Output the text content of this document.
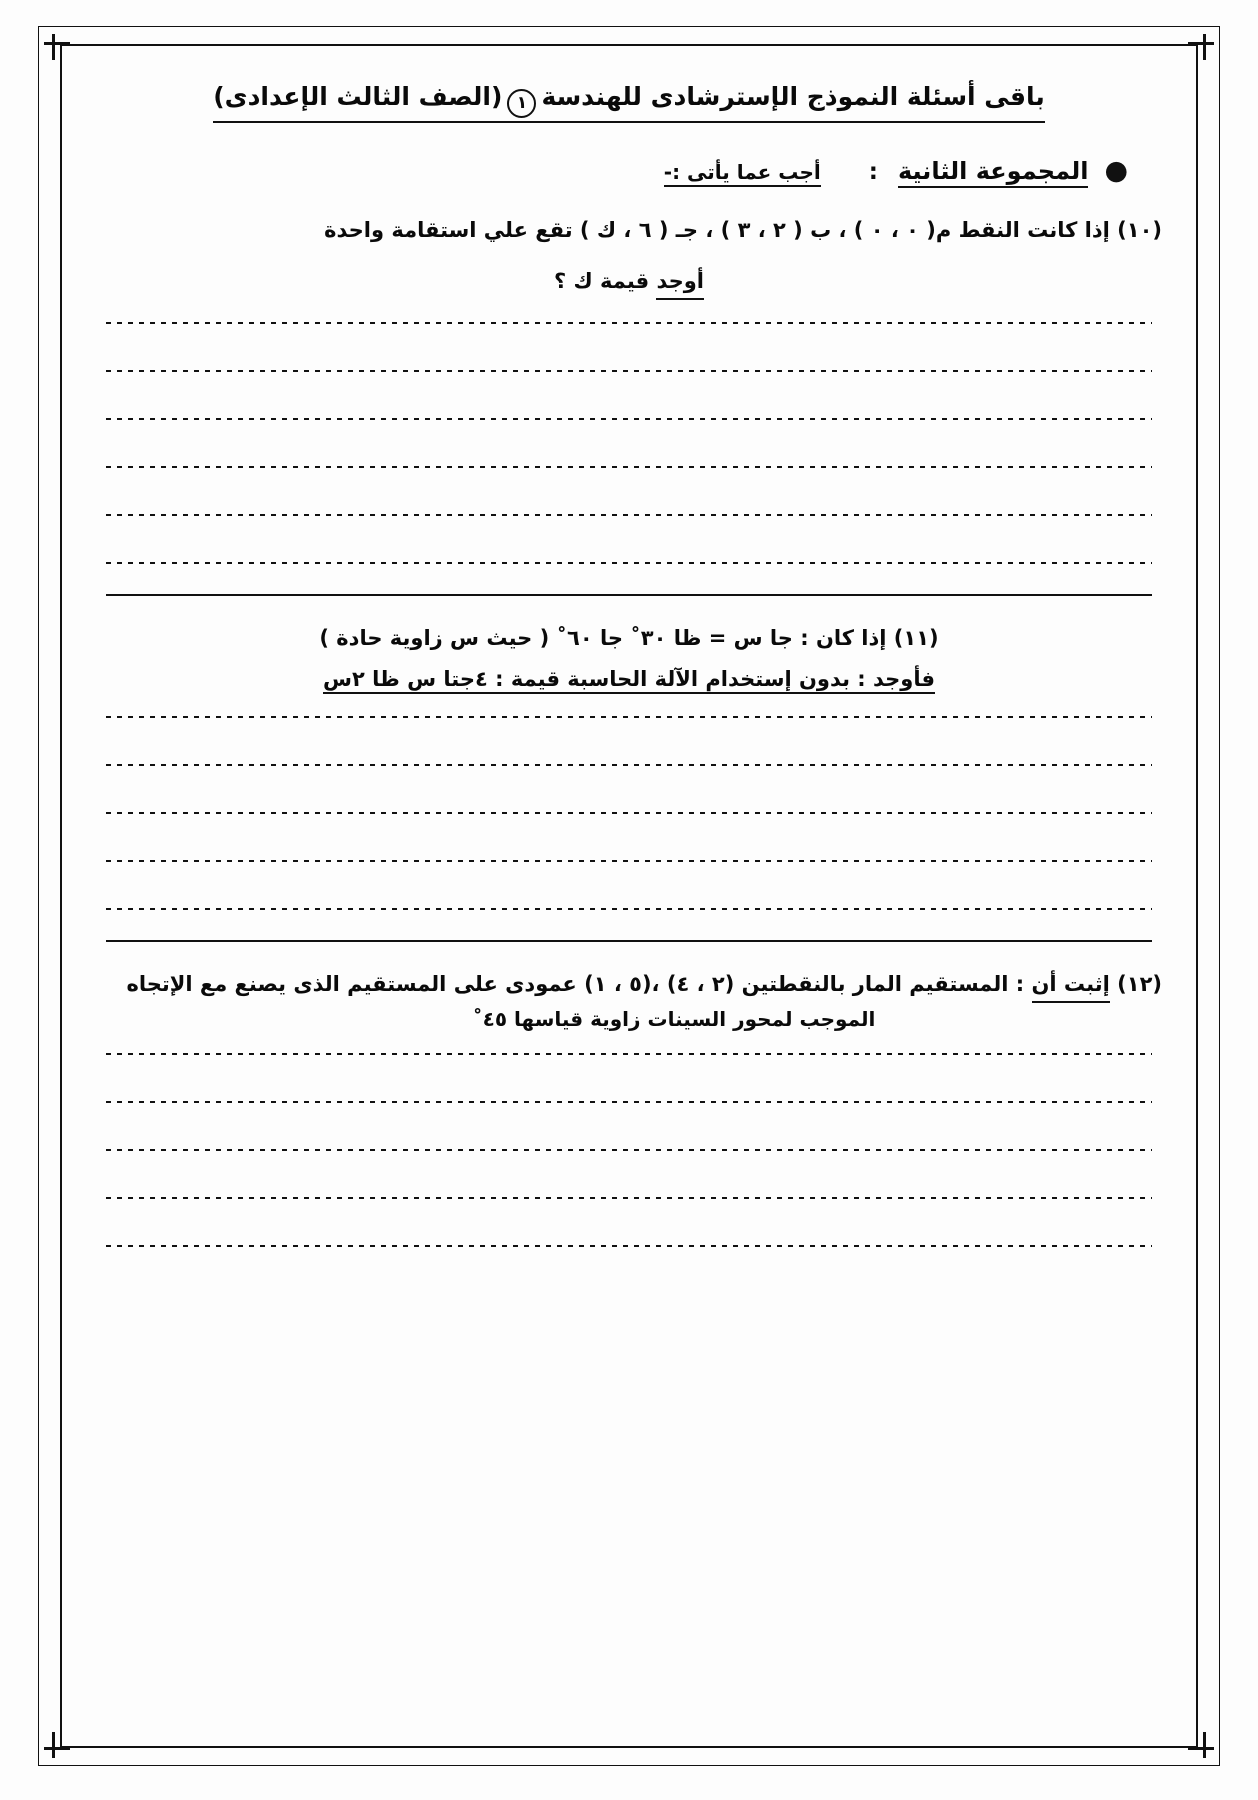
باقى أسئلة النموذج الإسترشادى للهندسة١(الصف الثالث الإعدادى)
●
المجموعة الثانية
:
أجب عما يأتى :-
(١٠) إذا كانت النقط م( ٠ ، ٠ ) ، ب ( ٢ ، ٣ ) ، جـ ( ٦ ، ك ) تقع علي استقامة واحدة
أوجد قيمة ك ؟
(١١) إذا كان : جا س = ظا ٣٠˚ جا ٦٠˚ ( حيث س زاوية حادة )
فأوجد : بدون إستخدام الآلة الحاسبة قيمة : ٤جتا س ظا ٢س
(١٢) إثبت أن : المستقيم المار بالنقطتين (٢ ، ٤) ،(٥ ، ١) عمودى على المستقيم الذى يصنع مع الإتجاه
الموجب لمحور السينات زاوية قياسها ٤٥˚
